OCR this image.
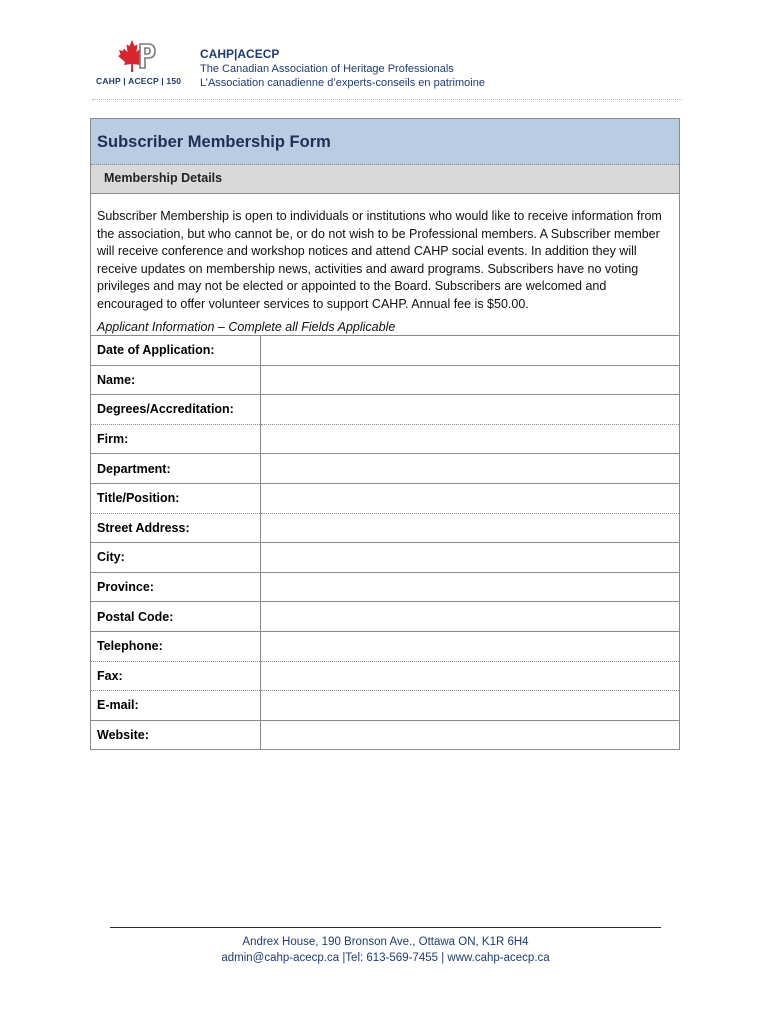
CAHP | ACECP | 150
CAHP|ACECP
The Canadian Association of Heritage Professionals
L’Association canadienne d’experts-conseils en patrimoine
Subscriber Membership Form
Membership Details
Subscriber Membership is open to individuals or institutions who would like to receive information from the association, but who cannot be, or do not wish to be Professional members. A Subscriber member will receive conference and workshop notices and attend CAHP social events. In addition they will receive updates on membership news, activities and award programs. Subscribers have no voting privileges and may not be elected or appointed to the Board. Subscribers are welcomed and encouraged to offer volunteer services to support CAHP. Annual fee is $50.00.
Applicant Information – Complete all Fields Applicable
Date of Application:	
Name:	
Degrees/Accreditation:	
Firm:	
Department:	
Title/Position:	
Street Address:	
City:	
Province:	
Postal Code:	
Telephone:	
Fax:	
E-mail:	
Website:	
Andrex House, 190 Bronson Ave., Ottawa ON, K1R 6H4
admin@cahp-acecp.ca |Tel: 613-569-7455 | www.cahp-acecp.ca
